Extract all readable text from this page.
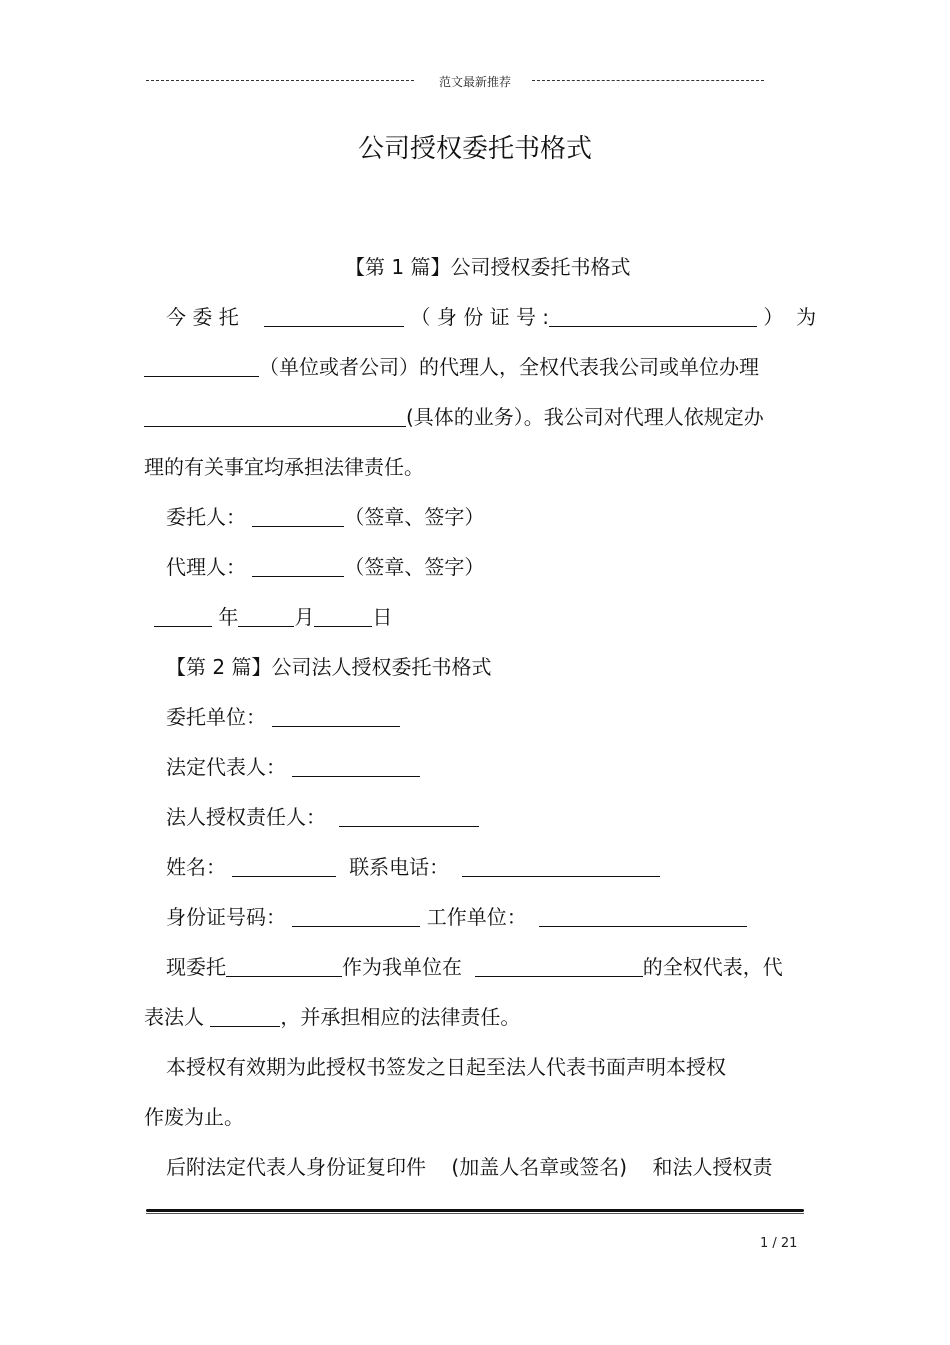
范文最新推荐
公司授权委托书格式
【第 1 篇】公司授权委托书格式
今 委 托	（ 身 份 证 号 :	）  为
（单位或者公司）的代理人，全权代表我公司或单位办理
(具体的业务）。我公司对代理人依规定办
理的有关事宜均承担法律责任。
委托人：	（签章、签字）
代理人：	（签章、签字）
年	月	日
【第 2 篇】公司法人授权委托书格式
委托单位：
法定代表人：
法人授权责任人：
姓名：	联系电话：
身份证号码：	工作单位：
现委托	作为我单位在	的全权代表，代
表法人	，并承担相应的法律责任。
本授权有效期为此授权书签发之日起至法人代表书面声明本授权
作废为止。
后附法定代表人身份证复印件    (加盖人名章或签名)    和法人授权责
1 / 21
